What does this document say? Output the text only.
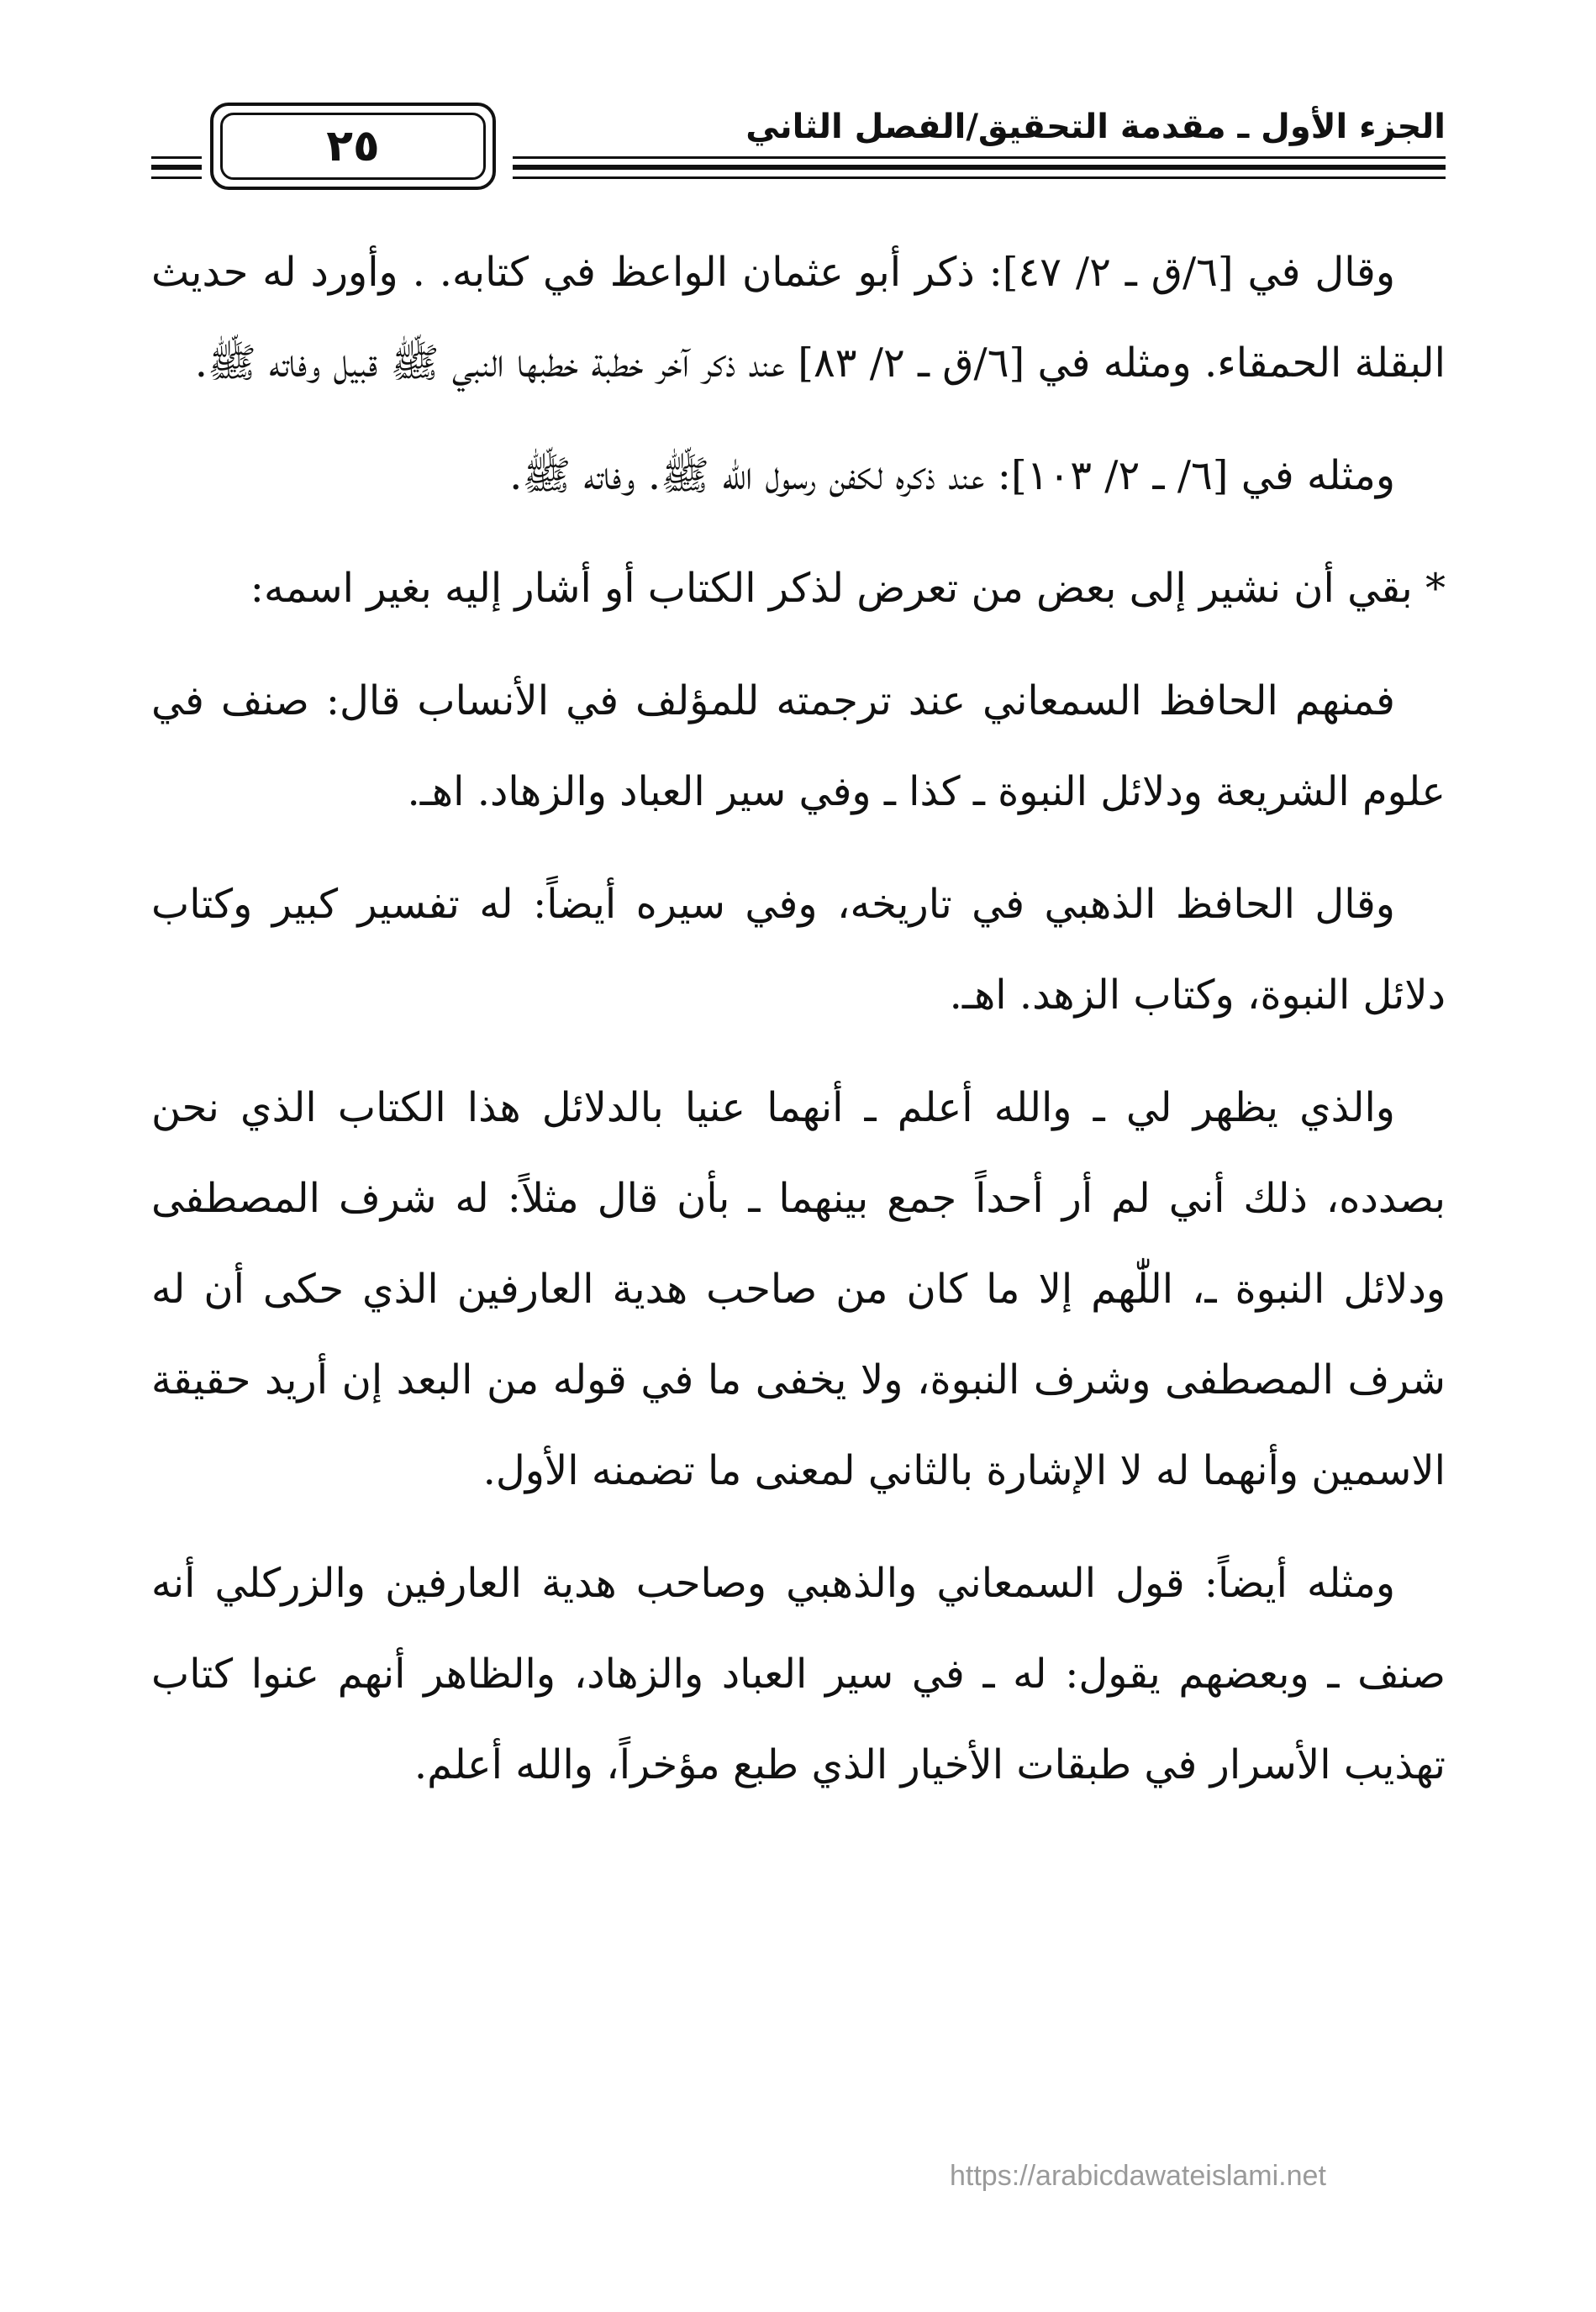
٢٥	الجزء الأول ـ مقدمة التحقيق/الفصل الثاني

وقال في [٦/ق ـ ٢/ ٤٧]: ذكر أبو عثمان الواعظ في كتابه. . وأورد له حديث البقلة الحمقاء. ومثله في [٦/ق ـ ٢/ ٨٣] عند ذكر آخر خطبة خطبها النبي ﷺ قبيل وفاته ﷺ.

ومثله في [٦/ ـ ٢/ ١٠٣]: عند ذكره لكفن رسول الله ﷺ. وفاته ﷺ.

* بقي أن نشير إلى بعض من تعرض لذكر الكتاب أو أشار إليه بغير اسمه:

فمنهم الحافظ السمعاني عند ترجمته للمؤلف في الأنساب قال: صنف في علوم الشريعة ودلائل النبوة ـ كذا ـ وفي سير العباد والزهاد. اهـ.

وقال الحافظ الذهبي في تاريخه، وفي سيره أيضاً: له تفسير كبير وكتاب دلائل النبوة، وكتاب الزهد. اهـ.

والذي يظهر لي ـ والله أعلم ـ أنهما عنيا بالدلائل هذا الكتاب الذي نحن بصدده، ذلك أني لم أر أحداً جمع بينهما ـ بأن قال مثلاً: له شرف المصطفى ودلائل النبوة ـ، اللّٰهم إلا ما كان من صاحب هدية العارفين الذي حكى أن له شرف المصطفى وشرف النبوة، ولا يخفى ما في قوله من البعد إن أريد حقيقة الاسمين وأنهما له لا الإشارة بالثاني لمعنى ما تضمنه الأول.

ومثله أيضاً: قول السمعاني والذهبي وصاحب هدية العارفين والزركلي أنه صنف ـ وبعضهم يقول: له ـ في سير العباد والزهاد، والظاهر أنهم عنوا كتاب تهذيب الأسرار في طبقات الأخيار الذي طبع مؤخراً، والله أعلم.

https://arabicdawateislami.net
